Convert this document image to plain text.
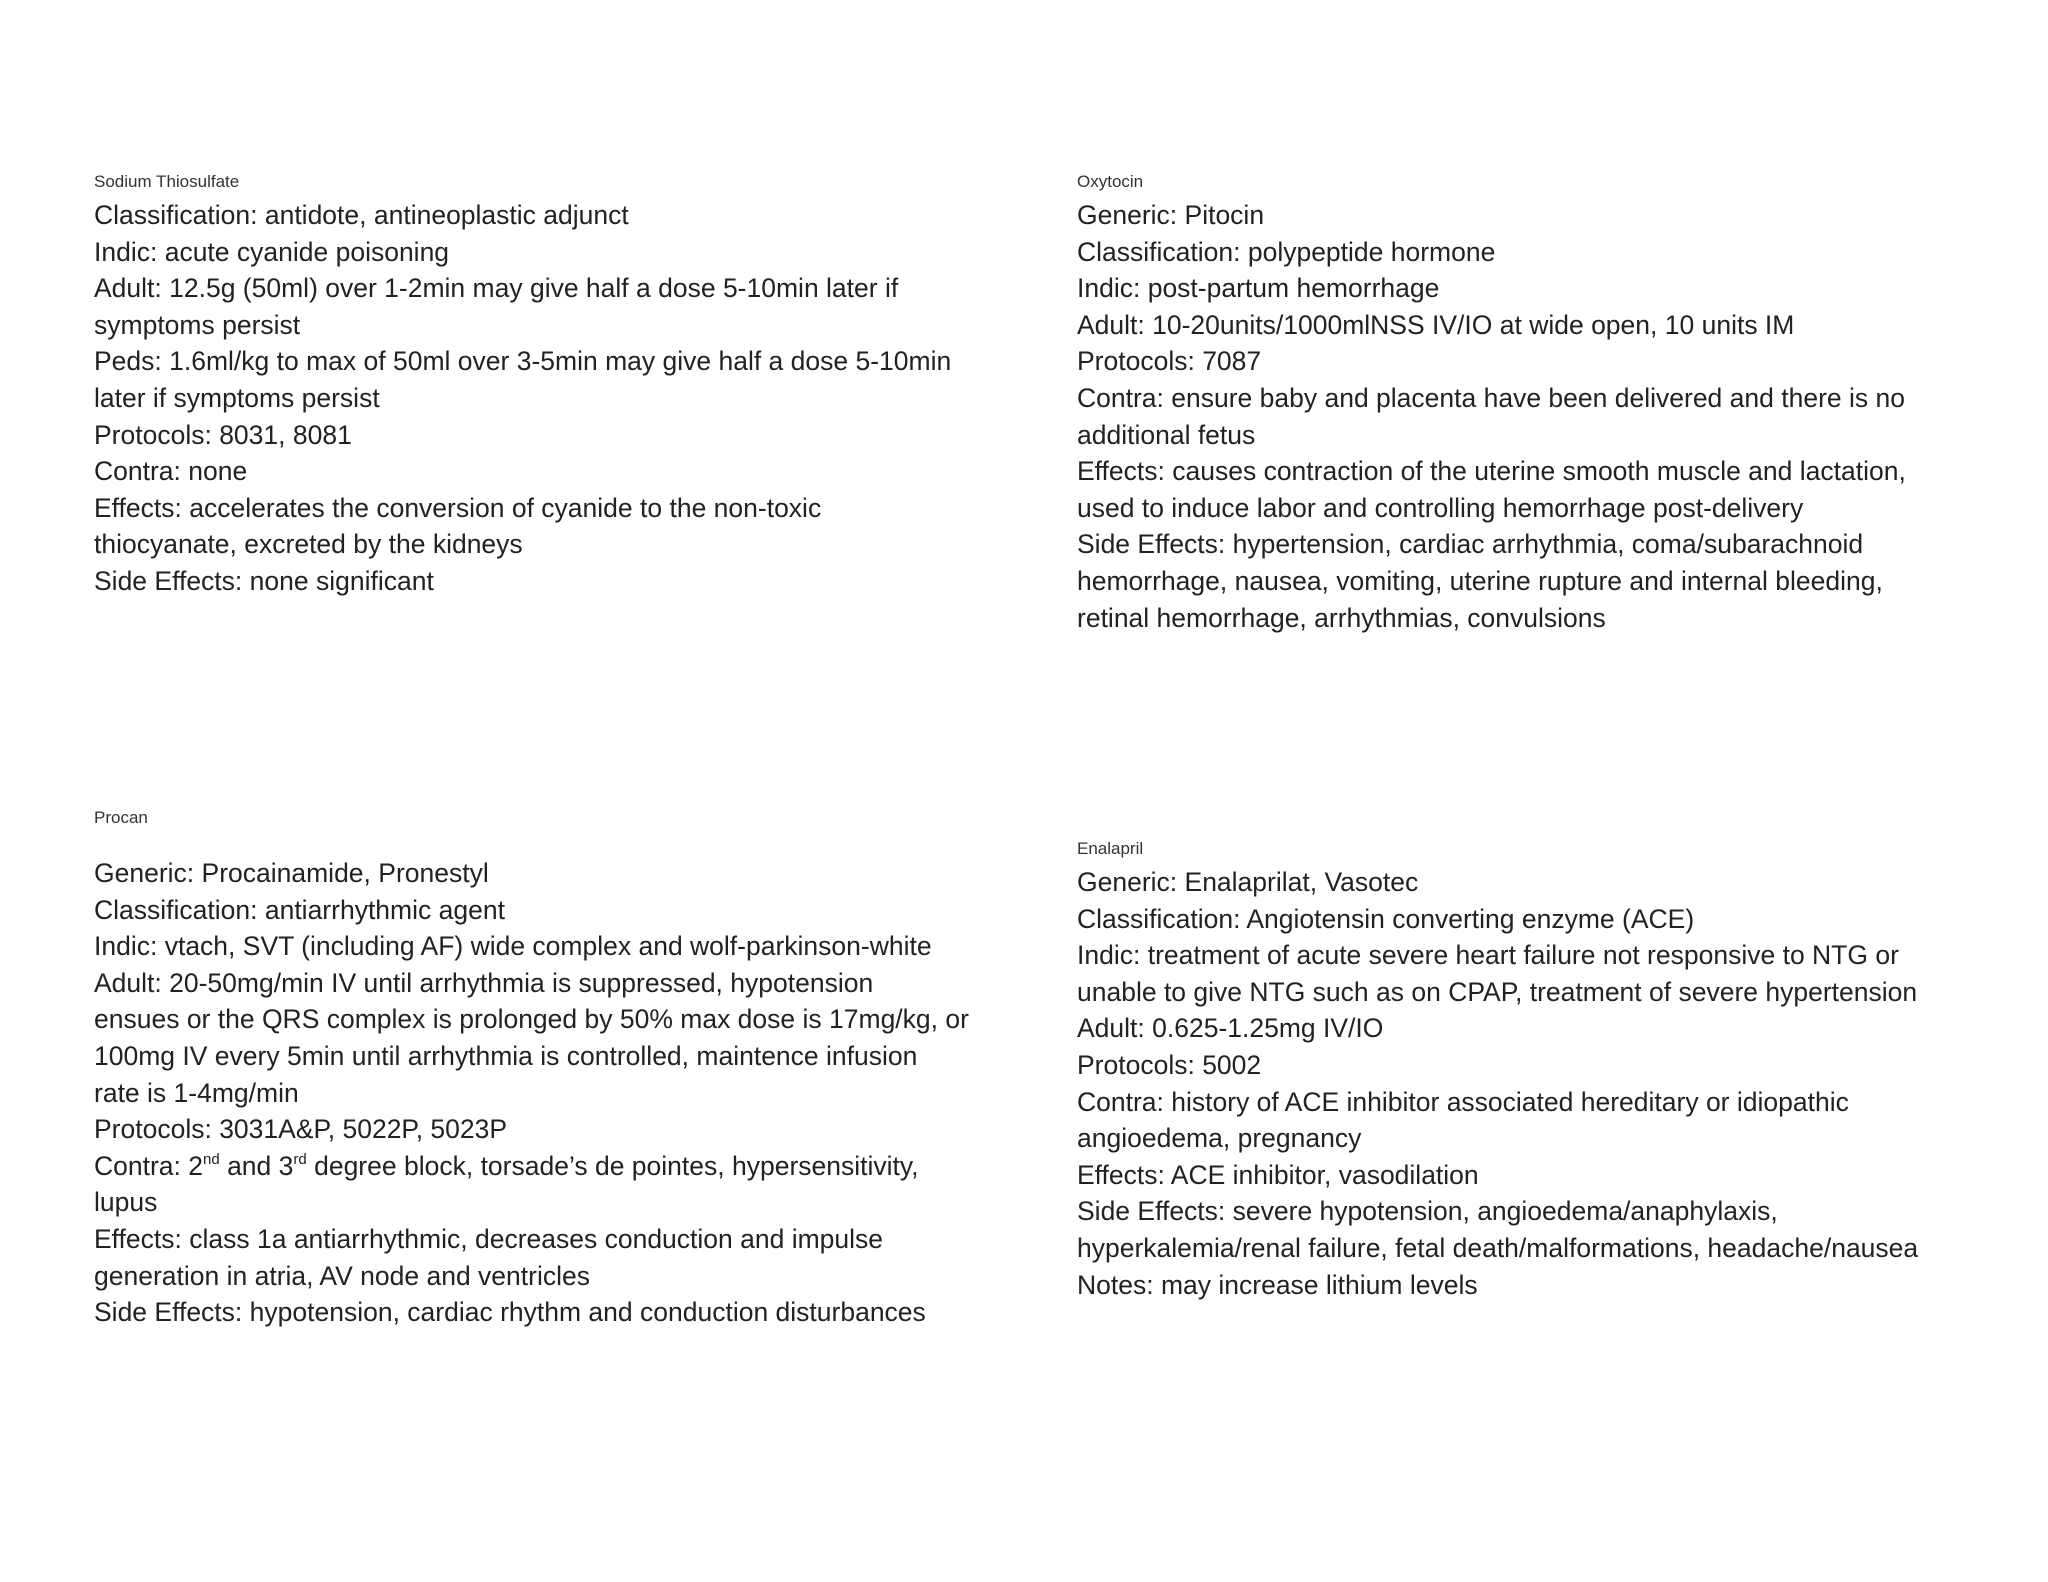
Sodium Thiosulfate

Classification: antidote, antineoplastic adjunct

Indic: acute cyanide poisoning

Adult: 12.5g (50ml) over 1-2min may give half a dose 5-10min later if

symptoms persist

Peds: 1.6ml/kg to max of 50ml over 3-5min may give half a dose 5-10min

later if symptoms persist

Protocols: 8031, 8081

Contra: none

Effects: accelerates the conversion of cyanide to the non-toxic

thiocyanate, excreted by the kidneys

Side Effects: none significant

Oxytocin

Generic: Pitocin

Classification: polypeptide hormone

Indic: post-partum hemorrhage

Adult: 10-20units/1000mlNSS IV/IO at wide open, 10 units IM

Protocols: 7087

Contra: ensure baby and placenta have been delivered and there is no

additional fetus

Effects: causes contraction of the uterine smooth muscle and lactation,

used to induce labor and controlling hemorrhage post-delivery

Side Effects: hypertension, cardiac arrhythmia, coma/subarachnoid

hemorrhage, nausea, vomiting, uterine rupture and internal bleeding,

retinal hemorrhage, arrhythmias, convulsions

Procan

Generic: Procainamide, Pronestyl

Classification: antiarrhythmic agent

Indic: vtach, SVT (including AF) wide complex and wolf-parkinson-white

Adult: 20-50mg/min IV until arrhythmia is suppressed, hypotension

ensues or the QRS complex is prolonged by 50% max dose is 17mg/kg, or

100mg IV every 5min until arrhythmia is controlled, maintence infusion

rate is 1-4mg/min

Protocols: 3031A&P, 5022P, 5023P

Contra: 2nd and 3rd degree block, torsade’s de pointes, hypersensitivity,

lupus

Effects: class 1a antiarrhythmic, decreases conduction and impulse

generation in atria, AV node and ventricles

Side Effects: hypotension, cardiac rhythm and conduction disturbances

Enalapril

Generic: Enalaprilat, Vasotec

Classification: Angiotensin converting enzyme (ACE)

Indic: treatment of acute severe heart failure not responsive to NTG or

unable to give NTG such as on CPAP, treatment of severe hypertension

Adult: 0.625-1.25mg IV/IO

Protocols: 5002

Contra: history of ACE inhibitor associated hereditary or idiopathic

angioedema, pregnancy

Effects: ACE inhibitor, vasodilation

Side Effects: severe hypotension, angioedema/anaphylaxis,

hyperkalemia/renal failure, fetal death/malformations, headache/nausea

Notes: may increase lithium levels
